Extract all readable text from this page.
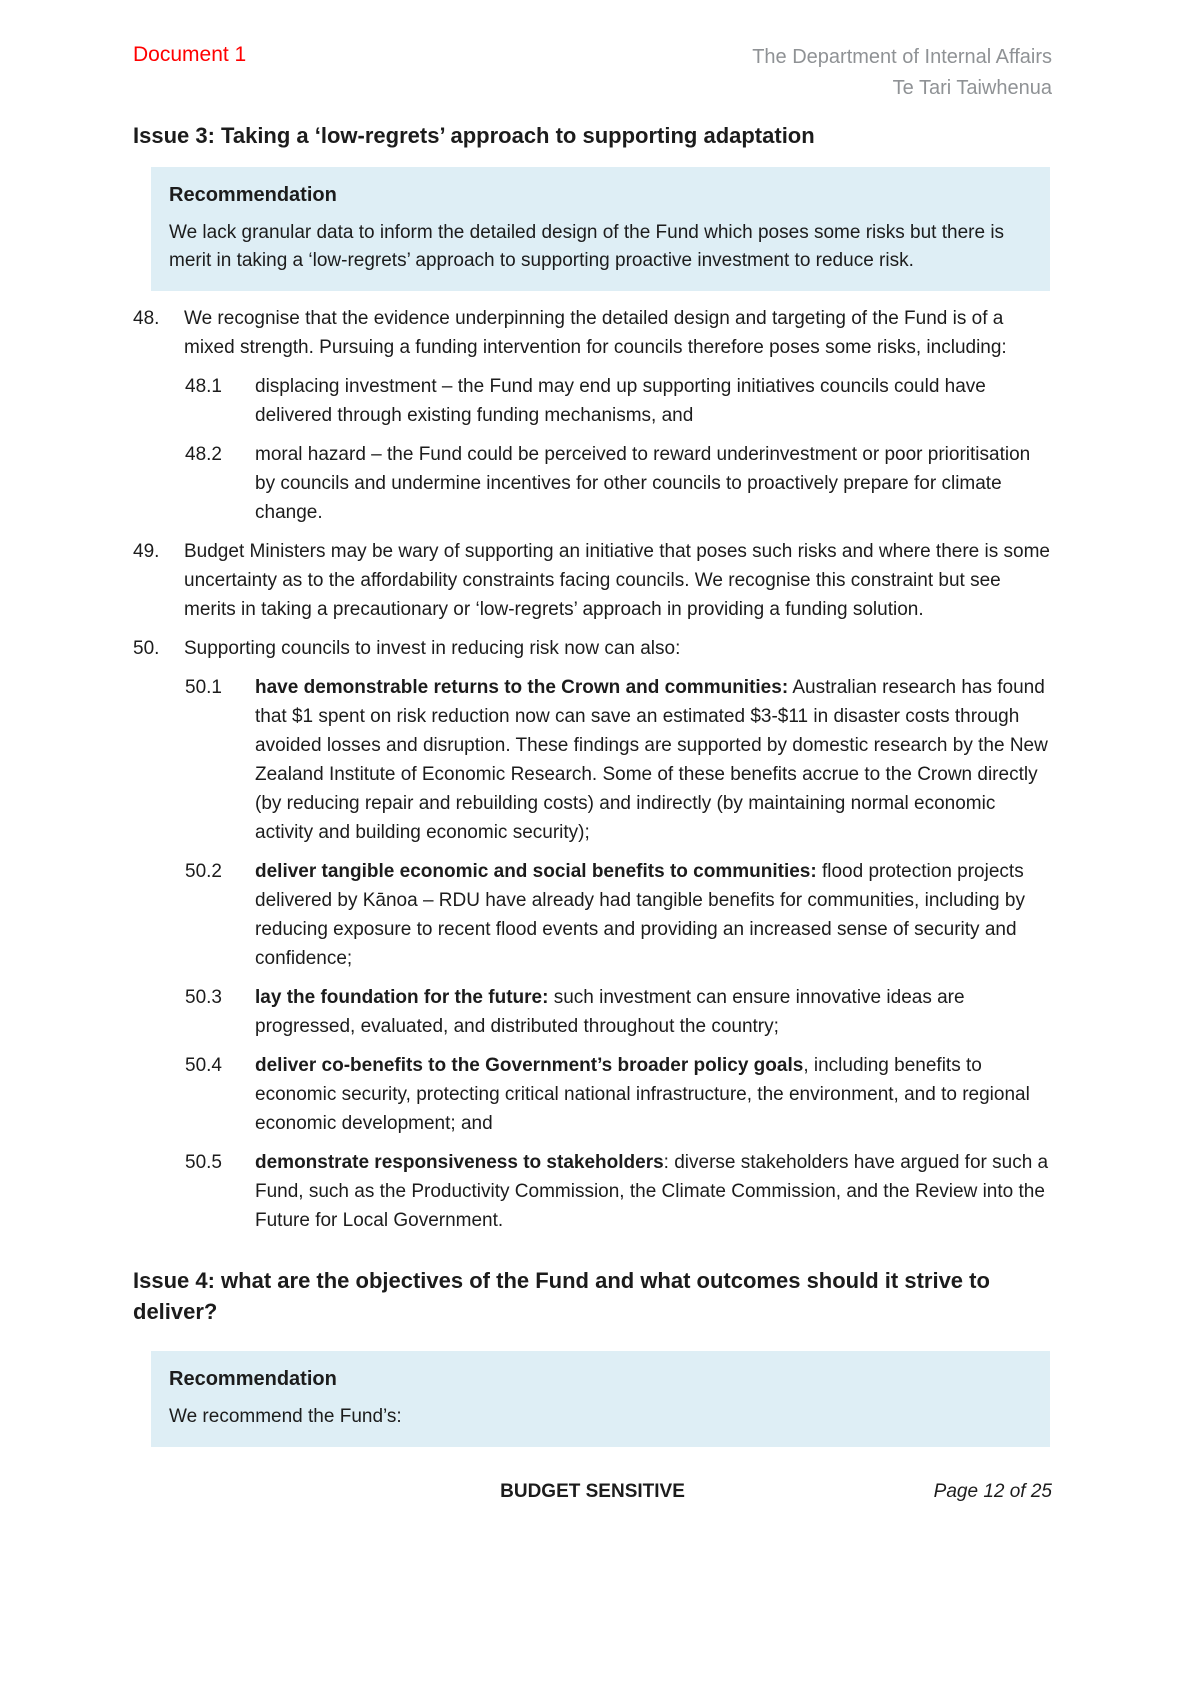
Document 1	The Department of Internal Affairs
Te Tari Taiwhenua
Issue 3: Taking a ‘low-regrets’ approach to supporting adaptation
Recommendation
We lack granular data to inform the detailed design of the Fund which poses some risks but there is merit in taking a ‘low-regrets’ approach to supporting proactive investment to reduce risk.
48.	We recognise that the evidence underpinning the detailed design and targeting of the Fund is of a mixed strength. Pursuing a funding intervention for councils therefore poses some risks, including:
48.1	displacing investment – the Fund may end up supporting initiatives councils could have delivered through existing funding mechanisms, and
48.2	moral hazard – the Fund could be perceived to reward underinvestment or poor prioritisation by councils and undermine incentives for other councils to proactively prepare for climate change.
49.	Budget Ministers may be wary of supporting an initiative that poses such risks and where there is some uncertainty as to the affordability constraints facing councils. We recognise this constraint but see merits in taking a precautionary or ‘low-regrets’ approach in providing a funding solution.
50.	Supporting councils to invest in reducing risk now can also:
50.1	have demonstrable returns to the Crown and communities: Australian research has found that $1 spent on risk reduction now can save an estimated $3-$11 in disaster costs through avoided losses and disruption. These findings are supported by domestic research by the New Zealand Institute of Economic Research. Some of these benefits accrue to the Crown directly (by reducing repair and rebuilding costs) and indirectly (by maintaining normal economic activity and building economic security);
50.2	deliver tangible economic and social benefits to communities: flood protection projects delivered by Kānoa – RDU have already had tangible benefits for communities, including by reducing exposure to recent flood events and providing an increased sense of security and confidence;
50.3	lay the foundation for the future: such investment can ensure innovative ideas are progressed, evaluated, and distributed throughout the country;
50.4	deliver co-benefits to the Government’s broader policy goals, including benefits to economic security, protecting critical national infrastructure, the environment, and to regional economic development; and
50.5	demonstrate responsiveness to stakeholders: diverse stakeholders have argued for such a Fund, such as the Productivity Commission, the Climate Commission, and the Review into the Future for Local Government.
Issue 4: what are the objectives of the Fund and what outcomes should it strive to deliver?
Recommendation
We recommend the Fund’s:
BUDGET SENSITIVE	Page 12 of 25
